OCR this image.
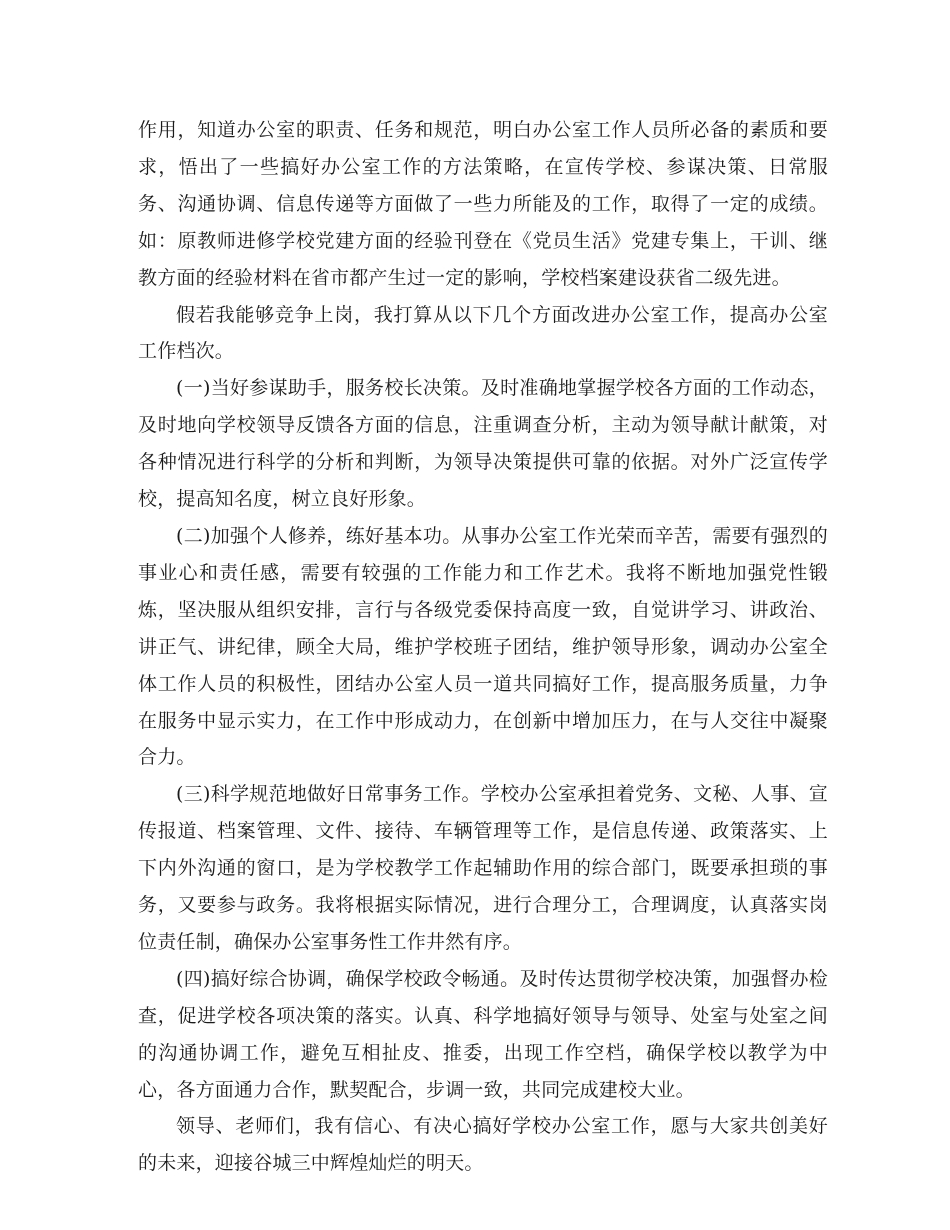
作用，知道办公室的职责、任务和规范，明白办公室工作人员所必备的素质和要求，悟出了一些搞好办公室工作的方法策略，在宣传学校、参谋决策、日常服务、沟通协调、信息传递等方面做了一些力所能及的工作，取得了一定的成绩。如：原教师进修学校党建方面的经验刊登在《党员生活》党建专集上，干训、继教方面的经验材料在省市都产生过一定的影响，学校档案建设获省二级先进。

假若我能够竞争上岗，我打算从以下几个方面改进办公室工作，提高办公室工作档次。

(一)当好参谋助手，服务校长决策。及时准确地掌握学校各方面的工作动态，及时地向学校领导反馈各方面的信息，注重调查分析，主动为领导献计献策，对各种情况进行科学的分析和判断，为领导决策提供可靠的依据。对外广泛宣传学校，提高知名度，树立良好形象。

(二)加强个人修养，练好基本功。从事办公室工作光荣而辛苦，需要有强烈的事业心和责任感，需要有较强的工作能力和工作艺术。我将不断地加强党性锻炼，坚决服从组织安排，言行与各级党委保持高度一致，自觉讲学习、讲政治、讲正气、讲纪律，顾全大局，维护学校班子团结，维护领导形象，调动办公室全体工作人员的积极性，团结办公室人员一道共同搞好工作，提高服务质量，力争在服务中显示实力，在工作中形成动力，在创新中增加压力，在与人交往中凝聚合力。

(三)科学规范地做好日常事务工作。学校办公室承担着党务、文秘、人事、宣传报道、档案管理、文件、接待、车辆管理等工作，是信息传递、政策落实、上下内外沟通的窗口，是为学校教学工作起辅助作用的综合部门，既要承担琐的事务，又要参与政务。我将根据实际情况，进行合理分工，合理调度，认真落实岗位责任制，确保办公室事务性工作井然有序。

(四)搞好综合协调，确保学校政令畅通。及时传达贯彻学校决策，加强督办检查，促进学校各项决策的落实。认真、科学地搞好领导与领导、处室与处室之间的沟通协调工作，避免互相扯皮、推委，出现工作空档，确保学校以教学为中心，各方面通力合作，默契配合，步调一致，共同完成建校大业。

领导、老师们，我有信心、有决心搞好学校办公室工作，愿与大家共创美好的未来，迎接谷城三中辉煌灿烂的明天。
